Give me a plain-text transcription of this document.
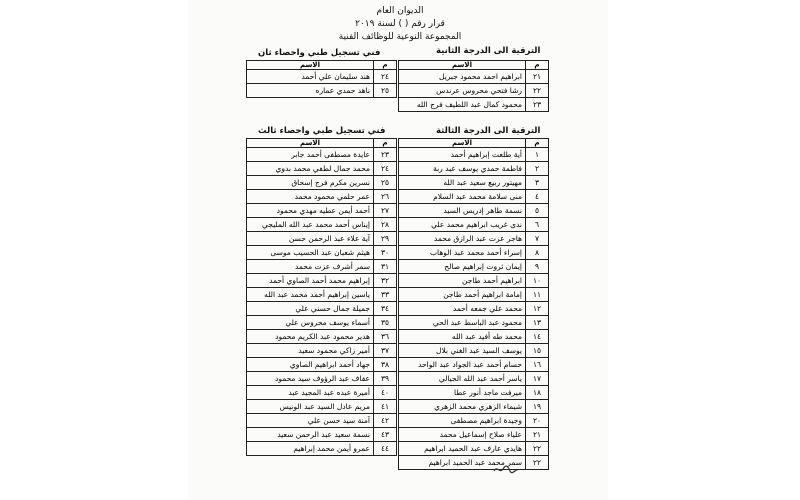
الديوان العام
قرار رقم ( ) لسنة ٢٠١٩
المجموعة النوعية للوظائف الفنية
الترقية الى الدرجة الثانية
فني تسجيل طبي واحصاء ثان
م	الاسم
٢١	ابراهيم احمد محمود جبريل
٢٢	رشا فتحي محروس عرندس
٢٣	محمود كمال عبد اللطيف فرج الله
م	الاسم
٢٤	هند سليمان علي أحمد
٢٥	ناهد حمدي عماره
الترقية الى الدرجة الثالثة
فني تسجيل طبي واحصاء ثالث
م	الاسم
١	أية طلعت إبراهيم أحمد
٢	فاطمة حمدي يوسف عبد ربة
٣	مهيتور ربيع سعيد عبد الله
٤	منى سلامة محمد عبد السلام
٥	نسمة طاهر إدريس السيد
٦	ندى غريب ابراهيم محمد علي
٧	هاجر عزت عبد الرازق محمد
٨	إسراء أحمد محمد عبد الوهاب
٩	إيمان ثروت إبراهيم صالح
١٠	ابراهيم أحمد طاجن
١١	إمامة ابراهيم أحمد طاجن
١٢	محمد علي جمعه أحمد
١٣	محمود عبد الباسط عبد الحي
١٤	محمد طه أفيد عبد الله
١٥	يوسف السيد عبد الغني بلال
١٦	حسام أحمد عبد الجواد عبد الواحد
١٧	ياسر أحمد عبد الله الجيالي
١٨	ميرفت ماجد أنور عطا
١٩	شيماء الزهري محمد الزهري
٢٠	وجيدة ابراهيم مصطفى
٢١	علياء صلاح إسماعيل محمد
٢٢	هايدي عارف عبد الحميد ابراهيم
٢٢	سمر محمد عبد الحميد ابراهيم
م	الاسم
٢٣	عايدة مصطفى أحمد جابر
٢٤	محمد جمال لطفي محمد بدوي
٢٥	نسرين مكرم فرج إسحاق
٢٦	عمر حلمي محمود محمد
٢٧	أحمد أيمن عطيه مهدي محمود
٢٨	إيناس أحمد محمد عبد الله المليجي
٢٩	آية علاء عبد الرحمن حسن
٣٠	هيثم شعبان عبد الحسيب موسى
٣١	سمر أشرف عزت محمد
٣٢	إبراهيم محمد أحمد الصاوي أحمد
٣٣	ياسين إبراهيم أحمد محمد عبد الله
٣٤	جميلة جمال حسني علي
٣٥	أسماء يوسف محروس علي
٣٦	هدير محمود عبد الكريم محمود
٣٧	أمير زاكي محمود سعيد
٣٨	جهاد أحمد ابراهيم الصاوي
٣٩	عفاف عبد الرؤوف سيد محمود
٤٠	أميرة عبده عبد المجيد عبد
٤١	مريم عادل السيد عبد الونيس
٤٢	آمنة سيد حسن علي
٤٣	نسمة سعيد عبد الرحمن سعيد
٤٤	عمرو أيمن محمد إبراهيم
